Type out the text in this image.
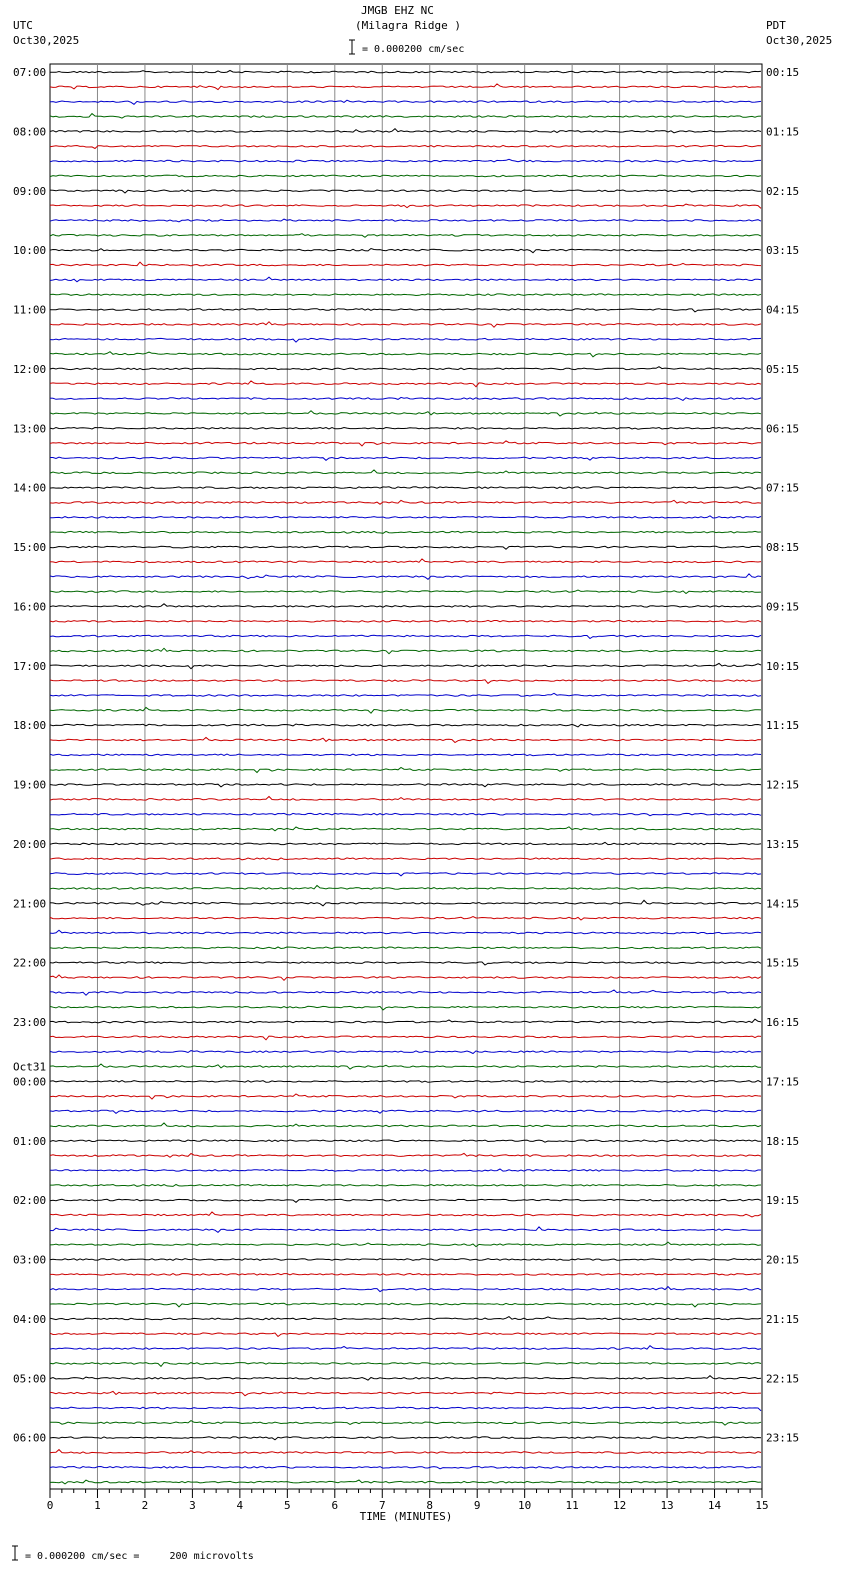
JMGB EHZ NC
(Milagra Ridge )
UTC
Oct30,2025
PDT
Oct30,2025
= 0.000200 cm/sec
= 0.000200 cm/sec =     200 microvolts
07:00	00:15
08:00	01:15
09:00	02:15
10:00	03:15
11:00	04:15
12:00	05:15
13:00	06:15
14:00	07:15
15:00	08:15
16:00	09:15
17:00	10:15
18:00	11:15
19:00	12:15
20:00	13:15
21:00	14:15
22:00	15:15
23:00	16:15
00:00	17:15
Oct31
01:00	18:15
02:00	19:15
03:00	20:15
04:00	21:15
05:00	22:15
06:00	23:15
0	1	2	3	4	5	6	7	8	9	10	11	12	13	14	15
TIME (MINUTES)
